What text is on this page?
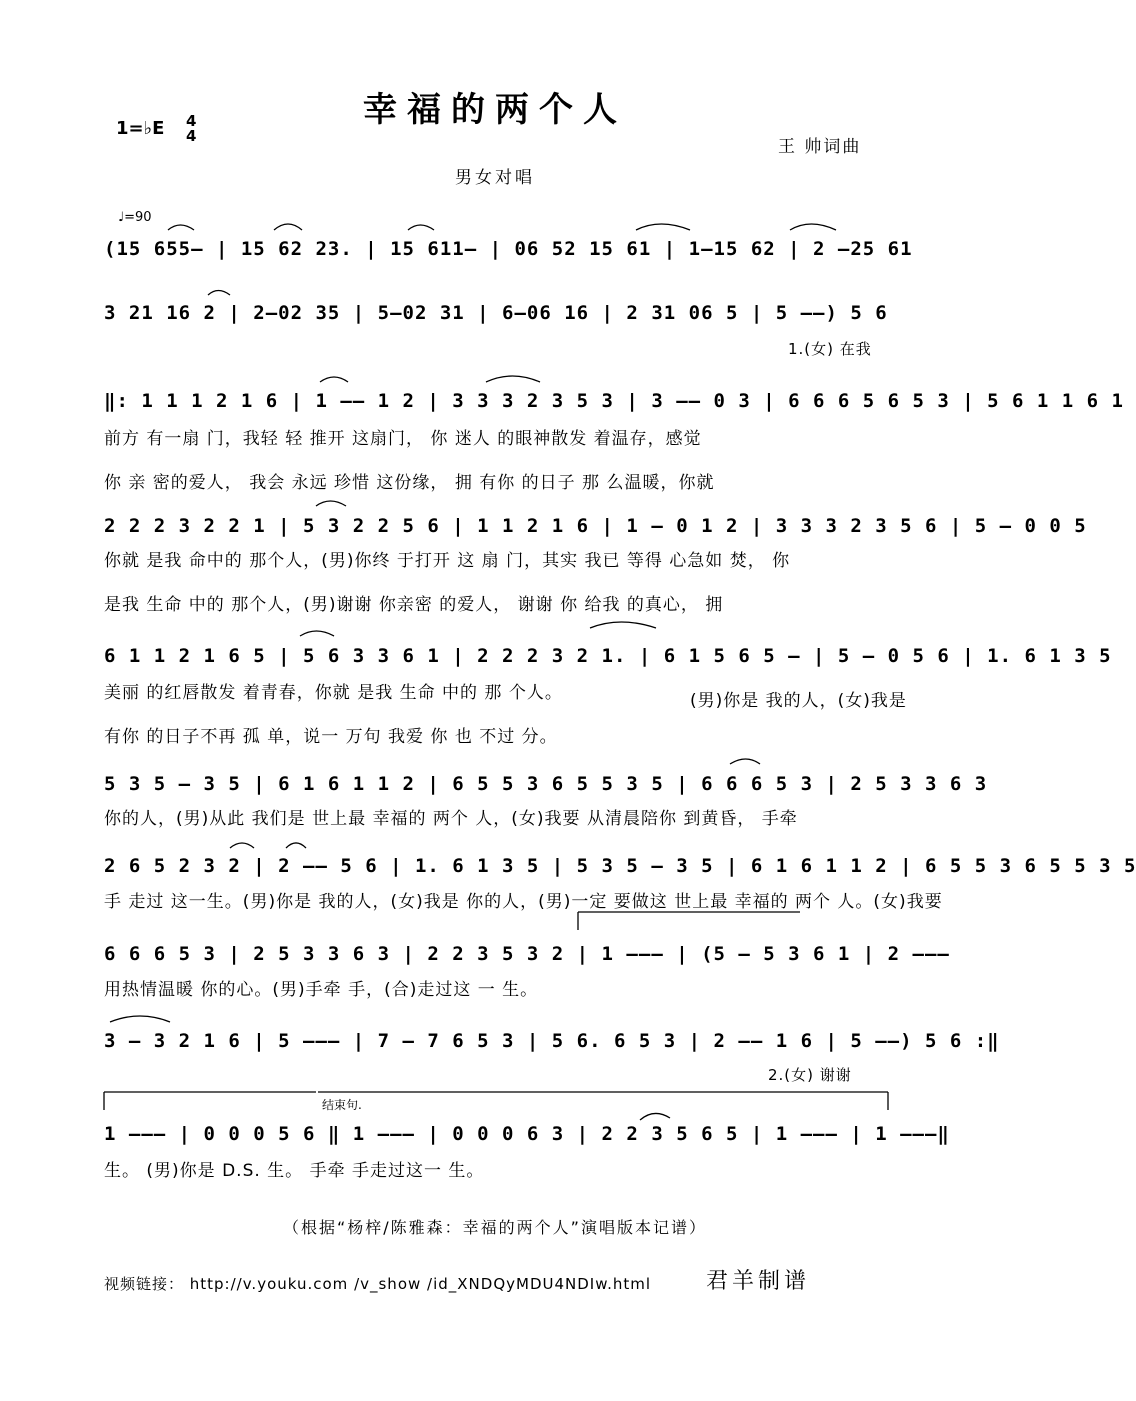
幸福的两个人
1=♭E 4
4
王 帅词曲
男女对唱
♩=90
(15 655– | 15 62 23. | 15 611– | 06 52 15 61 | 1–15 62 | 2 –25 61
3 21 16 2 | 2–02 35 | 5–02 31 | 6–06 16 | 2 31 06 5 | 5 ––) 5 6
1.(女) 在我
‖: 1 1 1 2 1 6 | 1 –– 1 2 | 3 3 3 2 3 5 3 | 3 –– 0 3 | 6 6 6 5 6 5 3 | 5 6 1 1 6 1
前方 有一扇 门，我轻 轻 推开 这扇门， 你 迷人 的眼神散发 着温存，感觉
你 亲 密的爱人， 我会 永远 珍惜 这份缘， 拥 有你 的日子 那 么温暖，你就
2 2 2 3 2 2 1 | 5 3 2 2 5 6 | 1 1 2 1 6 | 1 – 0 1 2 | 3 3 3 2 3 5 6 | 5 – 0 0 5
你就 是我 命中的 那个人，(男)你终 于打开 这 扇 门，其实 我已 等得 心急如 焚， 你
是我 生命 中的 那个人，(男)谢谢 你亲密 的爱人， 谢谢 你 给我 的真心， 拥
6 1 1 2 1 6 5 | 5 6 3 3 6 1 | 2 2 2 3 2 1. | 6 1 5 6 5 – | 5 – 0 5 6 | 1. 6 1 3 5
美丽 的红唇散发 着青春，你就 是我 生命 中的 那 个人。
有你 的日子不再 孤 单，说一 万句 我爱 你 也 不过 分。
(男)你是 我的人，(女)我是
5 3 5 – 3 5 | 6 1 6 1 1 2 | 6 5 5 3 6 5 5 3 5 | 6 6 6 5 3 | 2 5 3 3 6 3
你的人，(男)从此 我们是 世上最 幸福的 两个 人，(女)我要 从清晨陪你 到黄昏， 手牵
2 6 5 2 3 2 | 2 –– 5 6 | 1. 6 1 3 5 | 5 3 5 – 3 5 | 6 1 6 1 1 2 | 6 5 5 3 6 5 5 3 5
手 走过 这一生。(男)你是 我的人，(女)我是 你的人，(男)一定 要做这 世上最 幸福的 两个 人。(女)我要
6 6 6 5 3 | 2 5 3 3 6 3 | 2 2 3 5 3 2 | 1 ––– | (5 – 5 3 6 1 | 2 –––
用热情温暖 你的心。(男)手牵 手，(合)走过这 一 生。
3 – 3 2 1 6 | 5 ––– | 7 – 7 6 5 3 | 5 6. 6 5 3 | 2 –– 1 6 | 5 ––) 5 6 :‖
2.(女) 谢谢
结束句.
1 ––– | 0 0 0 5 6 ‖ 1 ––– | 0 0 0 6 3 | 2 2 3 5 6 5 | 1 ––– | 1 –––‖
生。 (男)你是 D.S. 生。 手牵 手走过这一 生。
（根据“杨梓/陈雅森：幸福的两个人”演唱版本记谱）
视频链接： http://v.youku.com /v_show /id_XNDQyMDU4NDIw.html 君羊制谱
